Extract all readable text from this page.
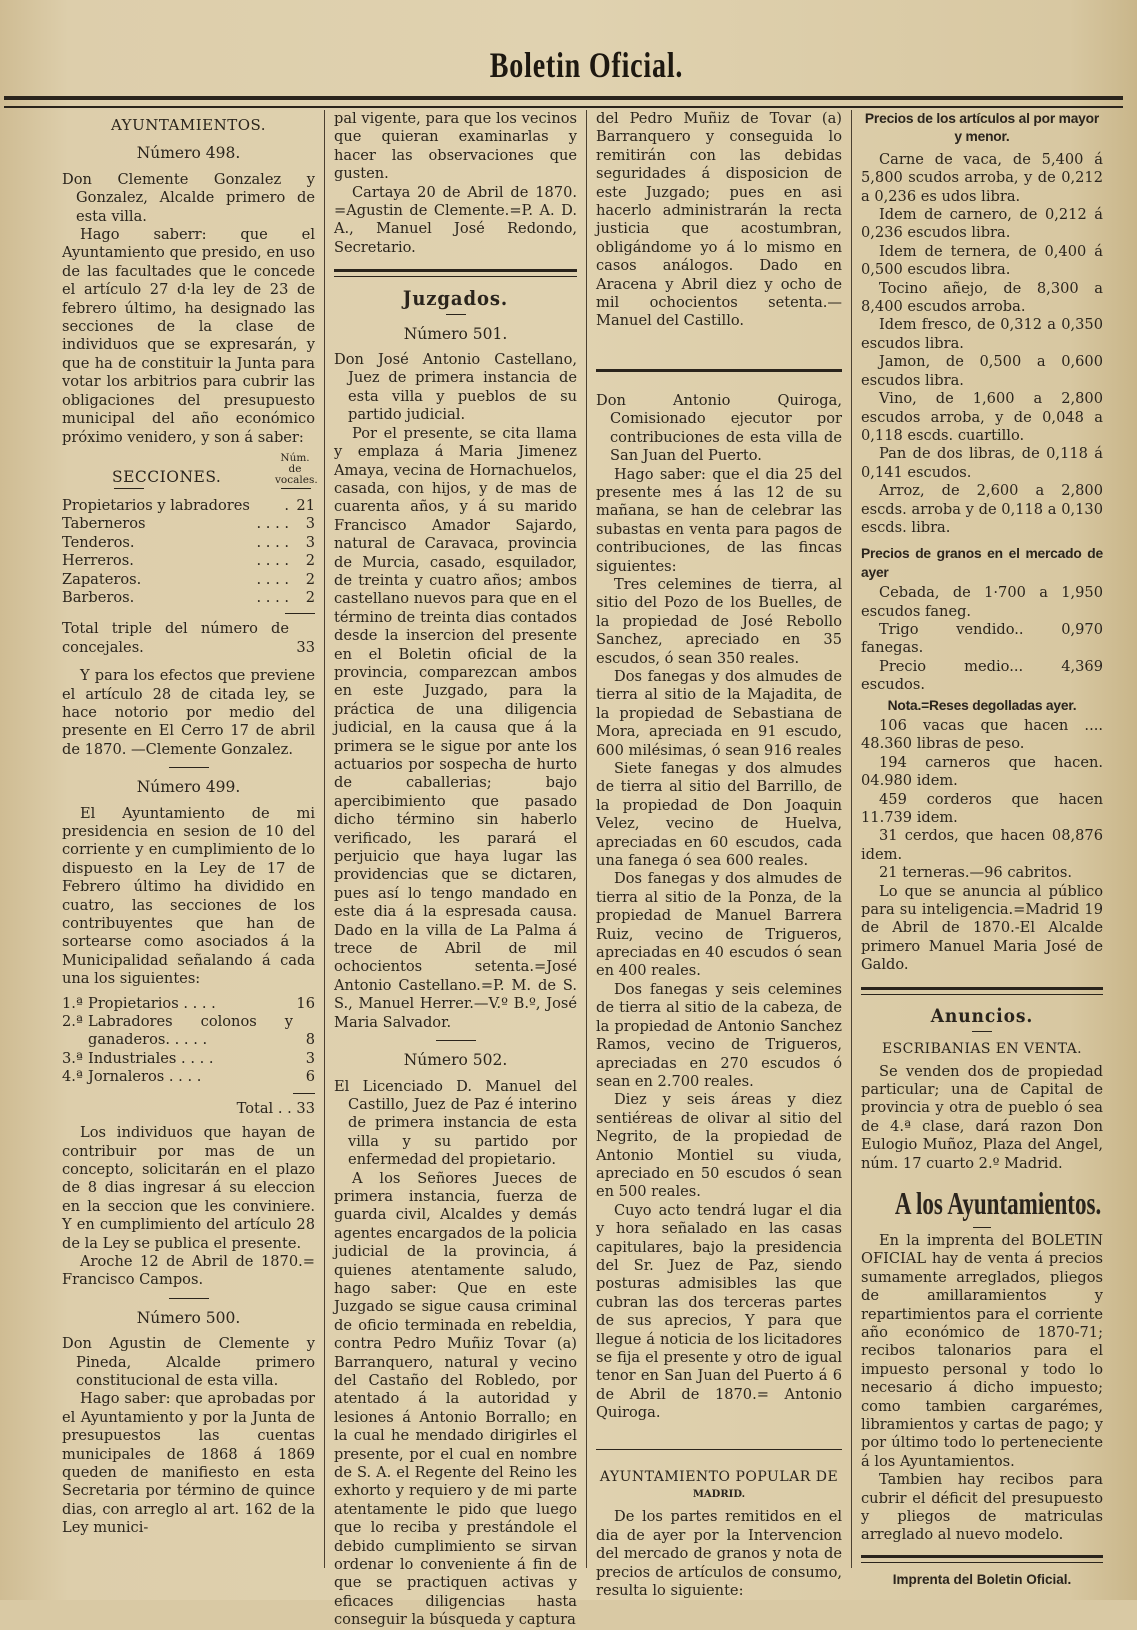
Boletin Oficial.
AYUNTAMIENTOS.
Número 498.

Don Clemente Gonzalez y Gonzalez, Alcalde primero de esta villa.

Hago saberr: que el Ayuntamiento que presido, en uso de las facultades que le concede el artículo 27 d·la ley de 23 de febrero último, ha designado las secciones de la clase de individuos que se expresarán, y que ha de constituir la Junta para votar los arbitrios para cubrir las obligaciones del presupuesto municipal del año económico próximo venidero, y son á saber:

SECCIONES.
Núm. de vocales.
Propietarios y labradores	. 21
Taberneros	. . . .	3
Tenderos.	. . . .	3
Herreros.	. . . .	2
Zapateros.	. . . .	2
Barberos.	. . . .	2
Total triple del número de concejales.	33

Y para los efectos que previene el artículo 28 de citada ley, se hace notorio por medio del presente en El Cerro 17 de abril de 1870. —Clemente Gonzalez.

Número 499.

El Ayuntamiento de mi presidencia en sesion de 10 del corriente y en cumplimiento de lo dispuesto en la Ley de 17 de Febrero último ha dividido en cuatro, las secciones de los contribuyentes que han de sortearse como asociados á la Municipalidad señalando á cada una los siguientes:

1.ª Propietarios . . . .	16
2.ª Labradores colonos y ganaderos. . . . .	8
3.ª Industriales . . . .	3
4.ª Jornaleros . . . .	6

Total . . 33

Los individuos que hayan de contribuir por mas de un concepto, solicitarán en el plazo de 8 dias ingresar á su eleccion en la seccion que les conviniere. Y en cumplimiento del artículo 28 de la Ley se publica el presente.

Aroche 12 de Abril de 1870.= Francisco Campos.

Número 500.

Don Agustin de Clemente y Pineda, Alcalde primero constitucional de esta villa.

Hago saber: que aprobadas por el Ayuntamiento y por la Junta de presupuestos las cuentas municipales de 1868 á 1869 queden de manifiesto en esta Secretaria por término de quince dias, con arreglo al art. 162 de la Ley munici-

pal vigente, para que los vecinos que quieran examinarlas y hacer las observaciones que gusten.

Cartaya 20 de Abril de 1870. =Agustin de Clemente.=P. A. D. A., Manuel José Redondo, Secretario.

Juzgados.
Número 501.

Don José Antonio Castellano, Juez de primera instancia de esta villa y pueblos de su partido judicial.

Por el presente, se cita llama y emplaza á Maria Jimenez Amaya, vecina de Hornachuelos, casada, con hijos, y de mas de cuarenta años, y á su marido Francisco Amador Sajardo, natural de Caravaca, provincia de Murcia, casado, esquilador, de treinta y cuatro años; ambos castellano nuevos para que en el término de treinta dias contados desde la insercion del presente en el Boletin oficial de la provincia, comparezcan ambos en este Juzgado, para la práctica de una diligencia judicial, en la causa que á la primera se le sigue por ante los actuarios por sospecha de hurto de caballerias; bajo apercibimiento que pasado dicho término sin haberlo verificado, les parará el perjuicio que haya lugar las providencias que se dictaren, pues así lo tengo mandado en este dia á la espresada causa. Dado en la villa de La Palma á trece de Abril de mil ochocientos setenta.=José Antonio Castellano.=P. M. de S. S., Manuel Herrer.—V.º B.º, José Maria Salvador.

Número 502.

El Licenciado D. Manuel del Castillo, Juez de Paz é interino de primera instancia de esta villa y su partido por enfermedad del propietario.

A los Señores Jueces de primera instancia, fuerza de guarda civil, Alcaldes y demás agentes encargados de la policia judicial de la provincia, á quienes atentamente saludo, hago saber: Que en este Juzgado se sigue causa criminal de oficio terminada en rebeldia, contra Pedro Muñiz Tovar (a) Barranquero, natural y vecino del Castaño del Robledo, por atentado á la autoridad y lesiones á Antonio Borrallo; en la cual he mendado dirigirles el presente, por el cual en nombre de S. A. el Regente del Reino les exhorto y requiero y de mi parte atentamente le pido que luego que lo reciba y prestándole el debido cumplimiento se sirvan ordenar lo conveniente á fin de que se practiquen activas y eficaces diligencias hasta conseguir la búsqueda y captura

del Pedro Muñiz de Tovar (a) Barranquero y conseguida lo remitirán con las debidas seguridades á disposicion de este Juzgado; pues en asi hacerlo administrarán la recta justicia que acostumbran, obligándome yo á lo mismo en casos análogos. Dado en Aracena y Abril diez y ocho de mil ochocientos setenta.—Manuel del Castillo.

Don Antonio Quiroga, Comisionado ejecutor por contribuciones de esta villa de San Juan del Puerto.

Hago saber: que el dia 25 del presente mes á las 12 de su mañana, se han de celebrar las subastas en venta para pagos de contribuciones, de las fincas siguientes:

Tres celemines de tierra, al sitio del Pozo de los Buelles, de la propiedad de José Rebollo Sanchez, apreciado en 35 escudos, ó sean 350 reales.

Dos fanegas y dos almudes de tierra al sitio de la Majadita, de la propiedad de Sebastiana de Mora, apreciada en 91 escudo, 600 milésimas, ó sean 916 reales

Siete fanegas y dos almudes de tierra al sitio del Barrillo, de la propiedad de Don Joaquin Velez, vecino de Huelva, apreciadas en 60 escudos, cada una fanega ó sea 600 reales.

Dos fanegas y dos almudes de tierra al sitio de la Ponza, de la propiedad de Manuel Barrera Ruiz, vecino de Trigueros, apreciadas en 40 escudos ó sean en 400 reales.

Dos fanegas y seis celemines de tierra al sitio de la cabeza, de la propiedad de Antonio Sanchez Ramos, vecino de Trigueros, apreciadas en 270 escudos ó sean en 2.700 reales.

Diez y seis áreas y diez sentiéreas de olivar al sitio del Negrito, de la propiedad de Antonio Montiel su viuda, apreciado en 50 escudos ó sean en 500 reales.

Cuyo acto tendrá lugar el dia y hora señalado en las casas capitulares, bajo la presidencia del Sr. Juez de Paz, siendo posturas admisibles las que cubran las dos terceras partes de sus aprecios, Y para que llegue á noticia de los licitadores se fija el presente y otro de igual tenor en San Juan del Puerto á 6 de Abril de 1870.= Antonio Quiroga.

AYUNTAMIENTO POPULAR DE
MADRID.

De los partes remitidos en el dia de ayer por la Intervencion del mercado de granos y nota de precios de artículos de consumo, resulta lo siguiente:

Precios de los artículos al por mayor y menor.

Carne de vaca, de 5,400 á 5,800 scudos arroba, y de 0,212 a 0,236 es udos libra.

Idem de carnero, de 0,212 á 0,236 escudos libra.

Idem de ternera, de 0,400 á 0,500 escudos libra.

Tocino añejo, de 8,300 a 8,400 escudos arroba.

Idem fresco, de 0,312 a 0,350 escudos libra.

Jamon, de 0,500 a 0,600 escudos libra.

Vino, de 1,600 a 2,800 escudos arroba, y de 0,048 a 0,118 escds. cuartillo.

Pan de dos libras, de 0,118 á 0,141 escudos.

Arroz, de 2,600 a 2,800 escds. arroba y de 0,118 a 0,130 escds. libra.

Precios de granos en el mercado de ayer

Cebada, de 1·700 a 1,950 escudos faneg.

Trigo vendido.. 0,970 fanegas.

Precio medio... 4,369 escudos.

Nota.=Reses degolladas ayer.

106 vacas que hacen .... 48.360 libras de peso.

194 carneros que hacen. 04.980 idem.

459 corderos que hacen 11.739 idem.

31 cerdos, que hacen 08,876 idem.

21 terneras.—96 cabritos.

Lo que se anuncia al público para su inteligencia.=Madrid 19 de Abril de 1870.-El Alcalde primero Manuel Maria José de Galdo.

Anuncios.
ESCRIBANIAS EN VENTA.

Se venden dos de propiedad particular; una de Capital de provincia y otra de pueblo ó sea de 4.ª clase, dará razon Don Eulogio Muñoz, Plaza del Angel, núm. 17 cuarto 2.º Madrid.

A los Ayuntamientos.

En la imprenta del BOLETIN OFICIAL hay de venta á precios sumamente arreglados, pliegos de amillaramientos y repartimientos para el corriente año económico de 1870-71; recibos talonarios para el impuesto personal y todo lo necesario á dicho impuesto; como tambien cargarémes, libramientos y cartas de pago; y por último todo lo perteneciente á los Ayuntamientos.

Tambien hay recibos para cubrir el déficit del presupuesto y pliegos de matriculas arreglado al nuevo modelo.

Imprenta del Boletin Oficial.
